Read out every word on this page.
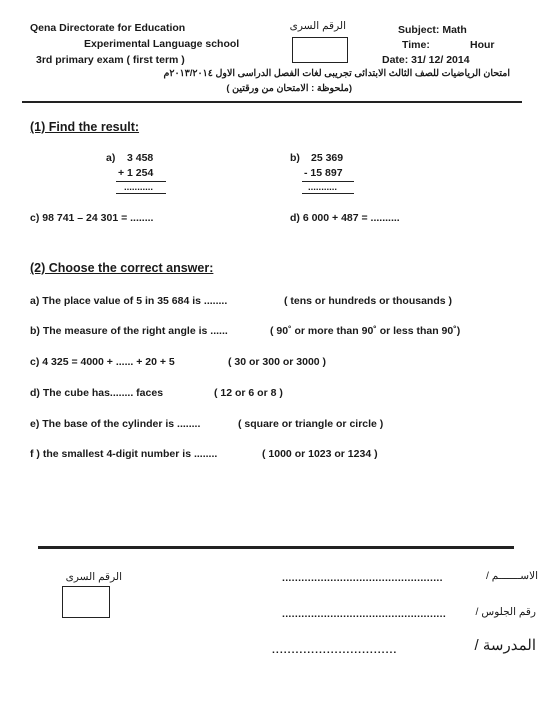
Qena Directorate for Education
Experimental Language school
3rd primary exam ( first term )
الرقم السرى	Subject: Math
Time:	Hour
Date: 31/ 12/ 2014
امتحان الرياضيات للصف الثالث الابتدائى تجريبى لغات الفصل الدراسى الاول ٢٠١٣/٢٠١٤م
(ملحوظة : الامتحان من ورقتين )
(1) Find the result:
a) 3 458
+ 1 254
...........
b) 25 369
- 15 897
...........
c) 98 741 – 24 301 = ........	d) 6 000 + 487 = ..........
(2) Choose the correct answer:
a) The place value of 5 in 35 684 is ........	( tens or hundreds or thousands )
b) The measure of the right angle is ......	( 90˚ or more than 90˚ or less than 90˚)
c) 4 325 = 4000 + ...... + 20 + 5	( 30 or 300 or 3000 )
d) The cube has........ faces	( 12 or 6 or 8 )
e) The base of the cylinder is ........	( square or triangle or circle )
f ) the smallest 4-digit number is ........	( 1000 or 1023 or 1234 )
الرقم السرى	..................................................	الاســـــــم /
...................................................	رقم الجلوس /
................................	المدرسة /
